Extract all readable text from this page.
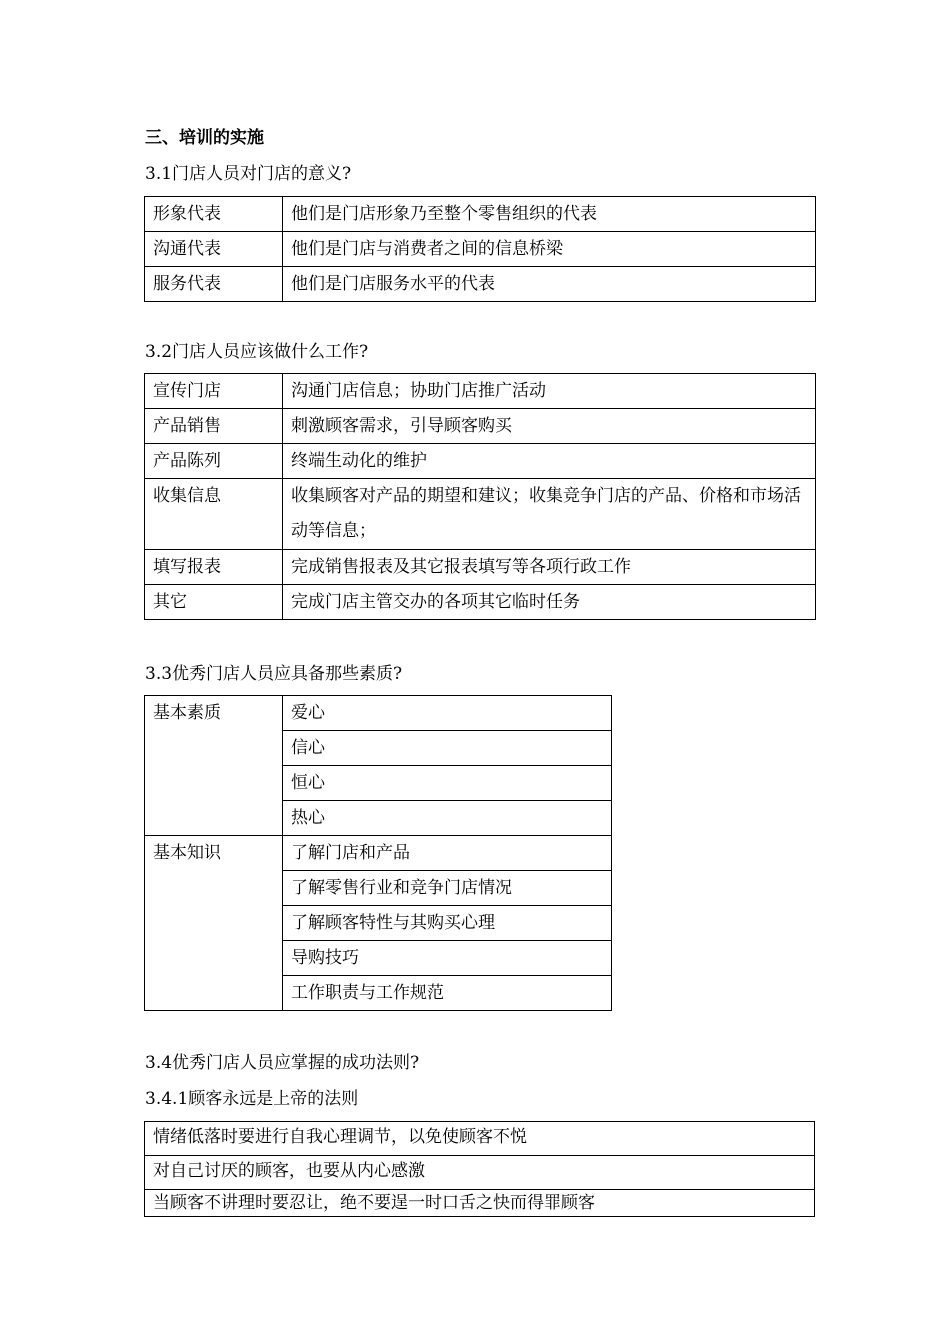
三、培训的实施
3.1门店人员对门店的意义?
形象代表	他们是门店形象乃至整个零售组织的代表
沟通代表	他们是门店与消费者之间的信息桥梁
服务代表	他们是门店服务水平的代表
3.2门店人员应该做什么工作?
宣传门店	沟通门店信息；协助门店推广活动
产品销售	刺激顾客需求，引导顾客购买
产品陈列	终端生动化的维护
收集信息	收集顾客对产品的期望和建议；收集竞争门店的产品、价格和市场活动等信息；
填写报表	完成销售报表及其它报表填写等各项行政工作
其它	完成门店主管交办的各项其它临时任务
3.3优秀门店人员应具备那些素质?
基本素质	爱心
	信心
	恒心
	热心
基本知识	了解门店和产品
	了解零售行业和竞争门店情况
	了解顾客特性与其购买心理
	导购技巧
	工作职责与工作规范
3.4优秀门店人员应掌握的成功法则?
3.4.1顾客永远是上帝的法则
情绪低落时要进行自我心理调节，以免使顾客不悦
对自己讨厌的顾客，也要从内心感激
当顾客不讲理时要忍让，绝不要逞一时口舌之快而得罪顾客
